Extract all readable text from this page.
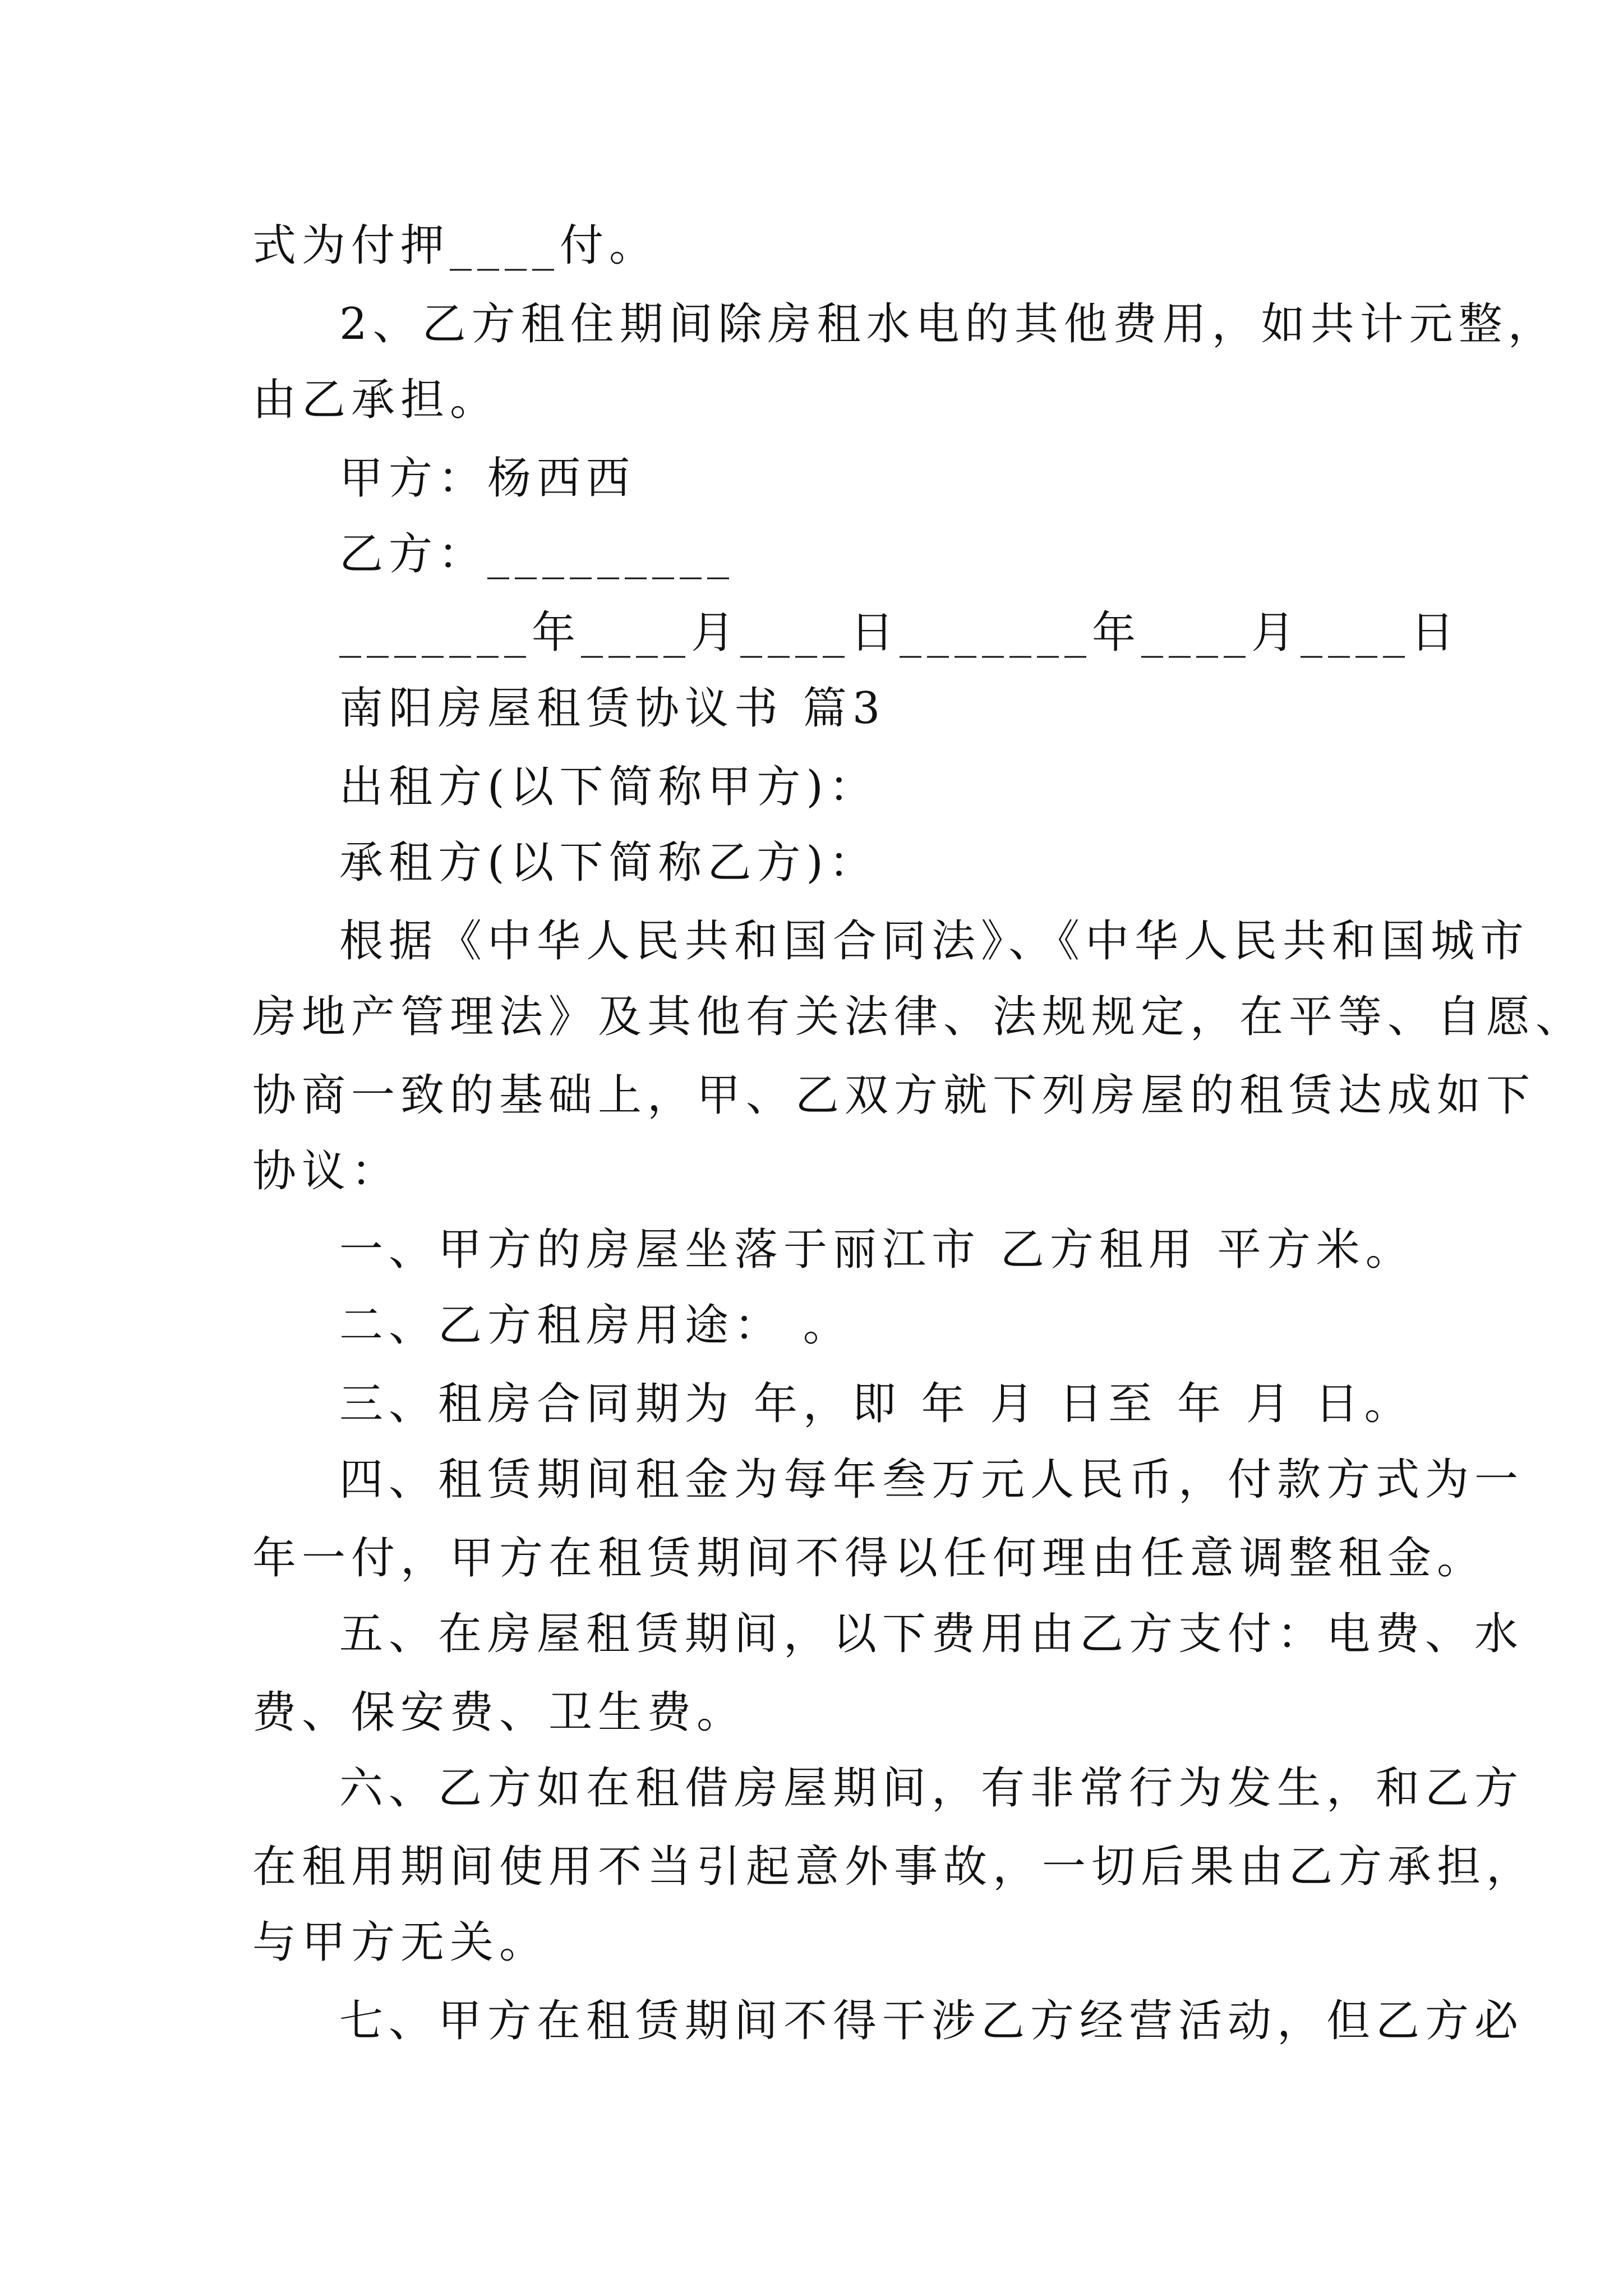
式为付押____付。
2、乙方租住期间除房租水电的其他费用，如共计元整，
由乙承担。
甲方：杨西西
乙方：_________
_______年____月____日_______年____月____日
南阳房屋租赁协议书 篇3
出租方(以下简称甲方)：
承租方(以下简称乙方)：
根据《中华人民共和国合同法》、《中华人民共和国城市
房地产管理法》及其他有关法律、法规规定，在平等、自愿、
协商一致的基础上，甲、乙双方就下列房屋的租赁达成如下
协议：
一、甲方的房屋坐落于丽江市 乙方租用 平方米。
二、乙方租房用途： 。
三、租房合同期为 年，即 年 月 日至 年 月 日。
四、租赁期间租金为每年叁万元人民币，付款方式为一
年一付，甲方在租赁期间不得以任何理由任意调整租金。
五、在房屋租赁期间，以下费用由乙方支付：电费、水
费、保安费、卫生费。
六、乙方如在租借房屋期间，有非常行为发生，和乙方
在租用期间使用不当引起意外事故，一切后果由乙方承担，
与甲方无关。
七、甲方在租赁期间不得干涉乙方经营活动，但乙方必
